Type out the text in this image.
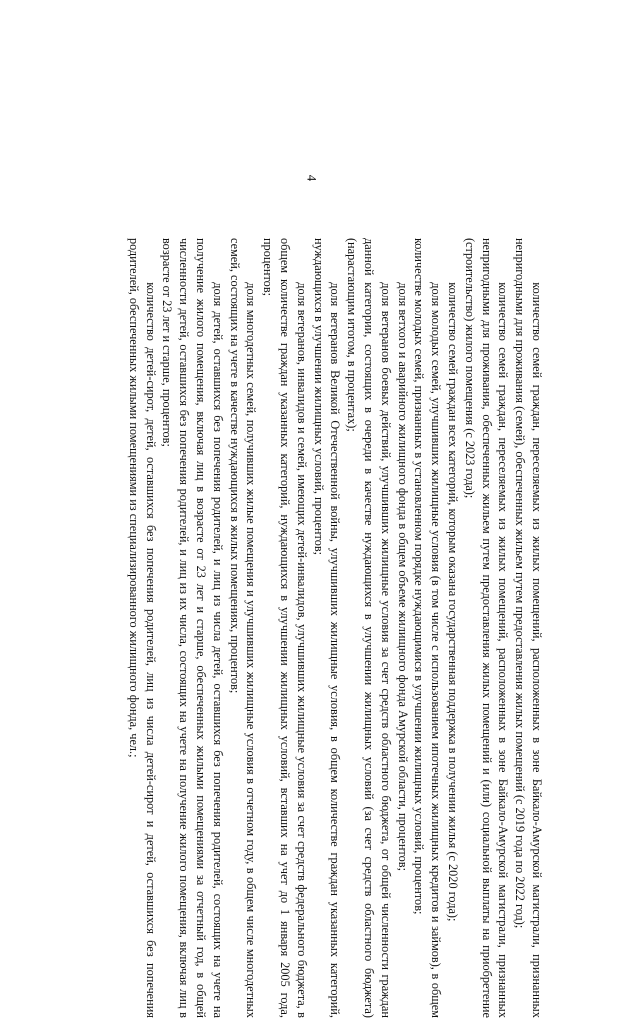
4

количество семей граждан, переселяемых из жилых помещений, расположенных в зоне Байкало-Амурской магистрали, признанных непригодными для проживания (семей), обеспеченных жильем путем предоставления жилых помещений (с 2019 года по 2022 год);

количество семей граждан, переселяемых из жилых помещений, расположенных в зоне Байкало-Амурской магистрали, признанных непригодными для проживания, обеспеченных жильем путем предоставления жилых помещений и (или) социальной выплаты на приобретение (строительство) жилого помещения (с 2023 года);

количество семей граждан всех категорий, которым оказана государственная поддержка в получении жилья (с 2020 года);

доля молодых семей, улучшивших жилищные условия (в том числе с использованием ипотечных жилищных кредитов и займов), в общем количестве молодых семей, признанных в установленном порядке нуждающимися в улучшении жилищных условий, процентов;

доля ветхого и аварийного жилищного фонда в общем объеме жилищного фонда Амурской области, процентов;

доля ветеранов боевых действий, улучшивших жилищные условия за счет средств областного бюджета, от общей численности граждан данной категории, состоящих в очереди в качестве нуждающихся в улучшении жилищных условий (за счет средств областного бюджета) (нарастающим итогом, в процентах);

доля ветеранов Великой Отечественной войны, улучшивших жилищные условия, в общем количестве граждан указанных категорий, нуждающихся в улучшении жилищных условий, процентов;

доля ветеранов, инвалидов и семей, имеющих детей-инвалидов, улучшивших жилищные условия за счет средств федерального бюджета, в общем количестве граждан указанных категорий, нуждающихся в улучшении жилищных условий, вставших на учет до 1 января 2005 года, процентов;

доля многодетных семей, получивших жилые помещения и улучшивших жилищные условия в отчетном году, в общем числе многодетных семей, состоящих на учете в качестве нуждающихся в жилых помещениях, процентов;

доля детей, оставшихся без попечения родителей, и лиц из числа детей, оставшихся без попечения родителей, состоящих на учете на получение жилого помещения, включая лиц в возрасте от 23 лет и старше, обеспеченных жилыми помещениями за отчетный год, в общей численности детей, оставшихся без попечения родителей, и лиц из их числа, состоящих на учете на получение жилого помещения, включая лиц в возрасте от 23 лет и старше, процентов;

количество детей-сирот, детей, оставшихся без попечения родителей, лиц из числа детей-сирот и детей, оставшихся без попечения родителей, обеспеченных жилыми помещениями из специализированного жилищного фонда, чел.;
